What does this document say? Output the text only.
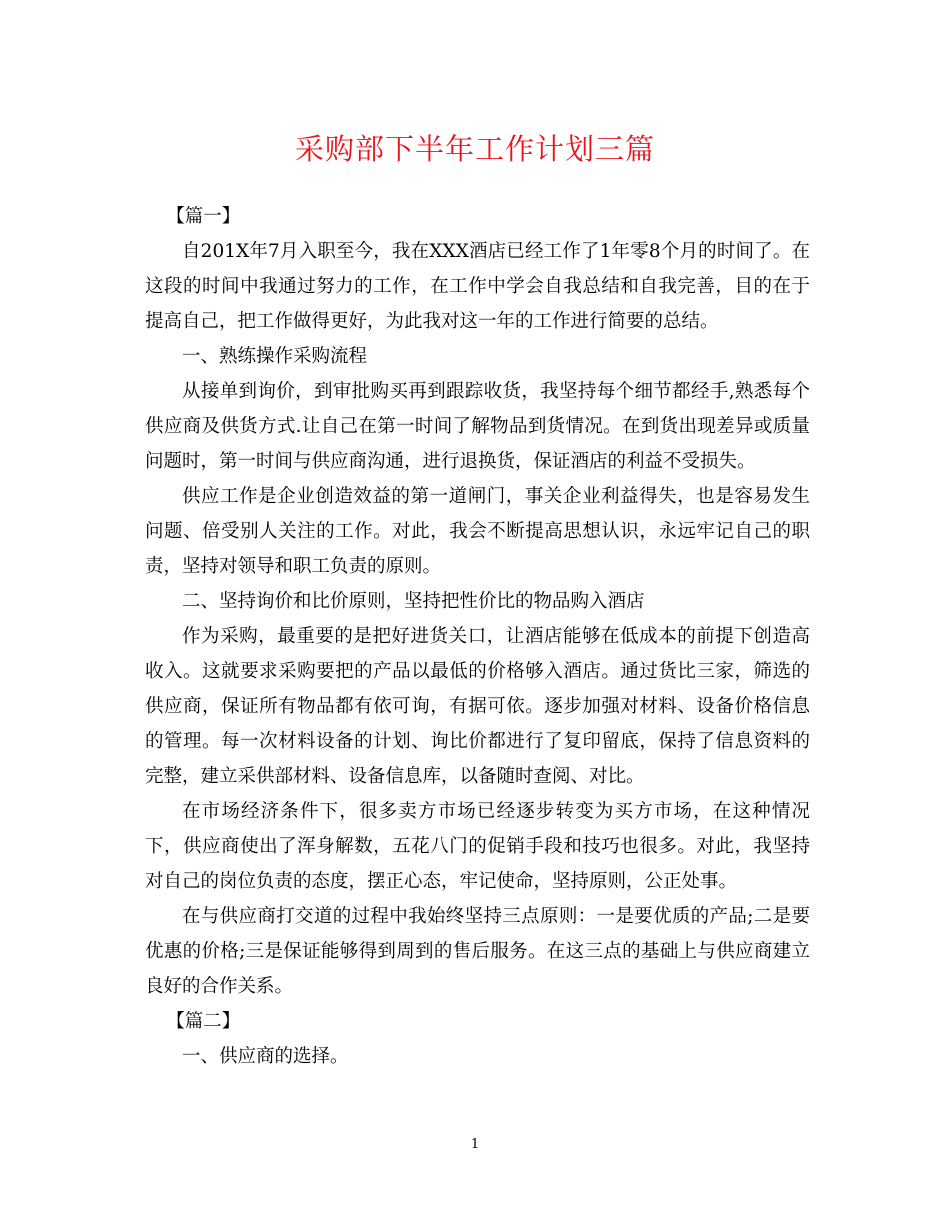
采购部下半年工作计划三篇

【篇一】

自201X年7月入职至今，我在XXX酒店已经工作了1年零8个月的时间了。在这段的时间中我通过努力的工作，在工作中学会自我总结和自我完善，目的在于提高自己，把工作做得更好，为此我对这一年的工作进行简要的总结。

一、熟练操作采购流程

从接单到询价，到审批购买再到跟踪收货，我坚持每个细节都经手,熟悉每个供应商及供货方式.让自己在第一时间了解物品到货情况。在到货出现差异或质量问题时，第一时间与供应商沟通，进行退换货，保证酒店的利益不受损失。

供应工作是企业创造效益的第一道闸门，事关企业利益得失，也是容易发生问题、倍受别人关注的工作。对此，我会不断提高思想认识，永远牢记自己的职责，坚持对领导和职工负责的原则。

二、坚持询价和比价原则，坚持把性价比的物品购入酒店

作为采购，最重要的是把好进货关口，让酒店能够在低成本的前提下创造高收入。这就要求采购要把的产品以最低的价格够入酒店。通过货比三家，筛选的供应商，保证所有物品都有依可询，有据可依。逐步加强对材料、设备价格信息的管理。每一次材料设备的计划、询比价都进行了复印留底，保持了信息资料的完整，建立采供部材料、设备信息库，以备随时查阅、对比。

在市场经济条件下，很多卖方市场已经逐步转变为买方市场，在这种情况下，供应商使出了浑身解数，五花八门的促销手段和技巧也很多。对此，我坚持对自己的岗位负责的态度，摆正心态，牢记使命，坚持原则，公正处事。

在与供应商打交道的过程中我始终坚持三点原则：一是要优质的产品;二是要优惠的价格;三是保证能够得到周到的售后服务。在这三点的基础上与供应商建立良好的合作关系。

【篇二】

一、供应商的选择。

1
